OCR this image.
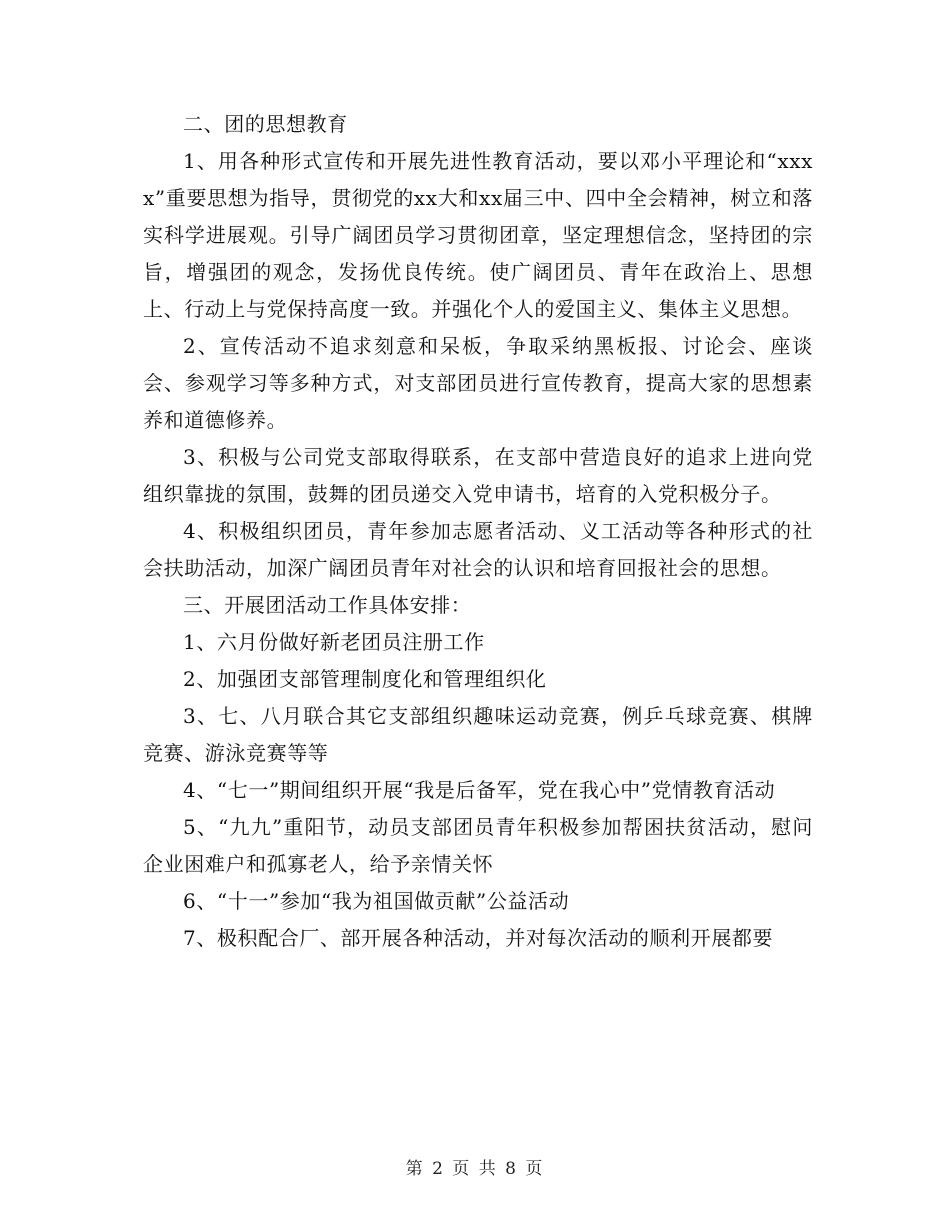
二、团的思想教育

1、用各种形式宣传和开展先进性教育活动，要以邓小平理论和“xxxx”重要思想为指导，贯彻党的xx大和xx届三中、四中全会精神，树立和落实科学进展观。引导广阔团员学习贯彻团章，坚定理想信念，坚持团的宗旨，增强团的观念，发扬优良传统。使广阔团员、青年在政治上、思想上、行动上与党保持高度一致。并强化个人的爱国主义、集体主义思想。

2、宣传活动不追求刻意和呆板，争取采纳黑板报、讨论会、座谈会、参观学习等多种方式，对支部团员进行宣传教育，提高大家的思想素养和道德修养。

3、积极与公司党支部取得联系，在支部中营造良好的追求上进向党组织靠拢的氛围，鼓舞的团员递交入党申请书，培育的入党积极分子。

4、积极组织团员，青年参加志愿者活动、义工活动等各种形式的社会扶助活动，加深广阔团员青年对社会的认识和培育回报社会的思想。

三、开展团活动工作具体安排：

1、六月份做好新老团员注册工作

2、加强团支部管理制度化和管理组织化

3、七、八月联合其它支部组织趣味运动竞赛，例乒乓球竞赛、棋牌竞赛、游泳竞赛等等

4、“七一”期间组织开展“我是后备军，党在我心中”党情教育活动

5、“九九”重阳节，动员支部团员青年积极参加帮困扶贫活动，慰问企业困难户和孤寡老人，给予亲情关怀

6、“十一”参加“我为祖国做贡献”公益活动

7、极积配合厂、部开展各种活动，并对每次活动的顺利开展都要

第 2 页 共 8 页
